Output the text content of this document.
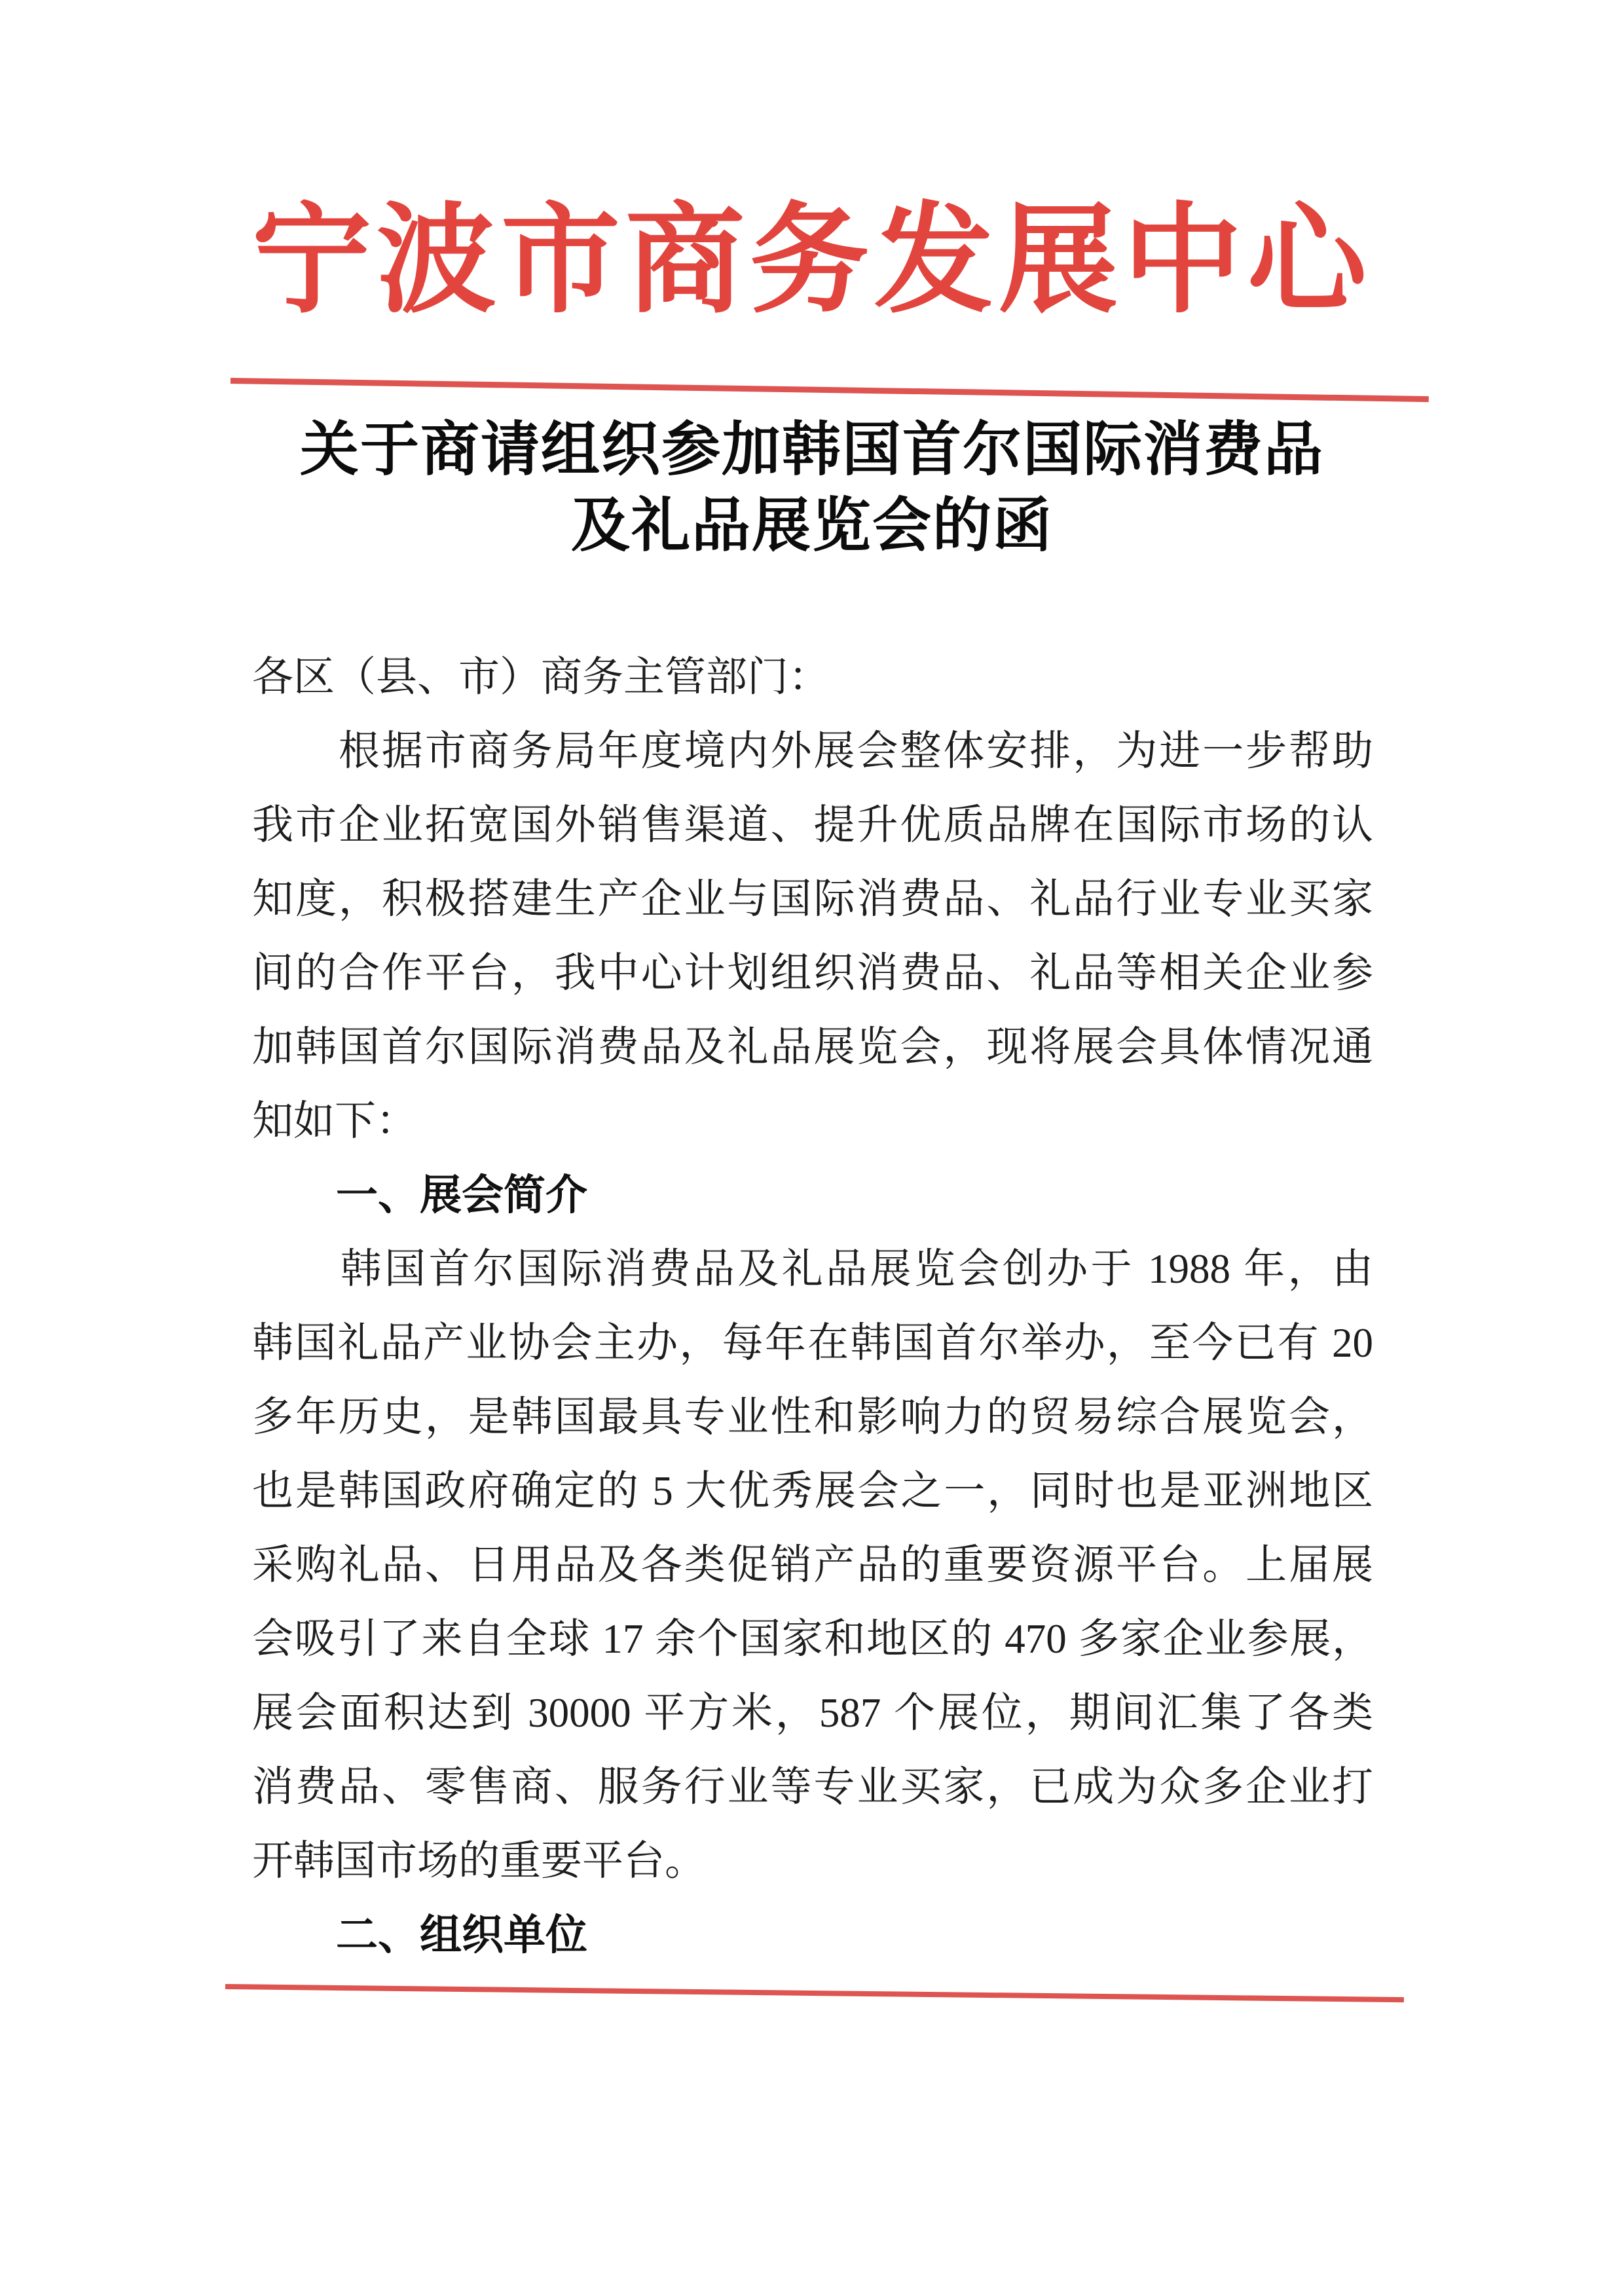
宁波市商务发展中心
关于商请组织参加韩国首尔国际消费品
及礼品展览会的函
各区（县、市）商务主管部门：
　　根据市商务局年度境内外展会整体安排，为进一步帮助
我市企业拓宽国外销售渠道、提升优质品牌在国际市场的认
知度，积极搭建生产企业与国际消费品、礼品行业专业买家
间的合作平台，我中心计划组织消费品、礼品等相关企业参
加韩国首尔国际消费品及礼品展览会，现将展会具体情况通
知如下：
　　一、展会简介
　　韩国首尔国际消费品及礼品展览会创办于 1988 年，由
韩国礼品产业协会主办，每年在韩国首尔举办，至今已有 20
多年历史，是韩国最具专业性和影响力的贸易综合展览会，
也是韩国政府确定的 5 大优秀展会之一，同时也是亚洲地区
采购礼品、日用品及各类促销产品的重要资源平台。上届展
会吸引了来自全球 17 余个国家和地区的 470 多家企业参展，
展会面积达到 30000 平方米，587 个展位，期间汇集了各类
消费品、零售商、服务行业等专业买家，已成为众多企业打
开韩国市场的重要平台。
　　二、组织单位
